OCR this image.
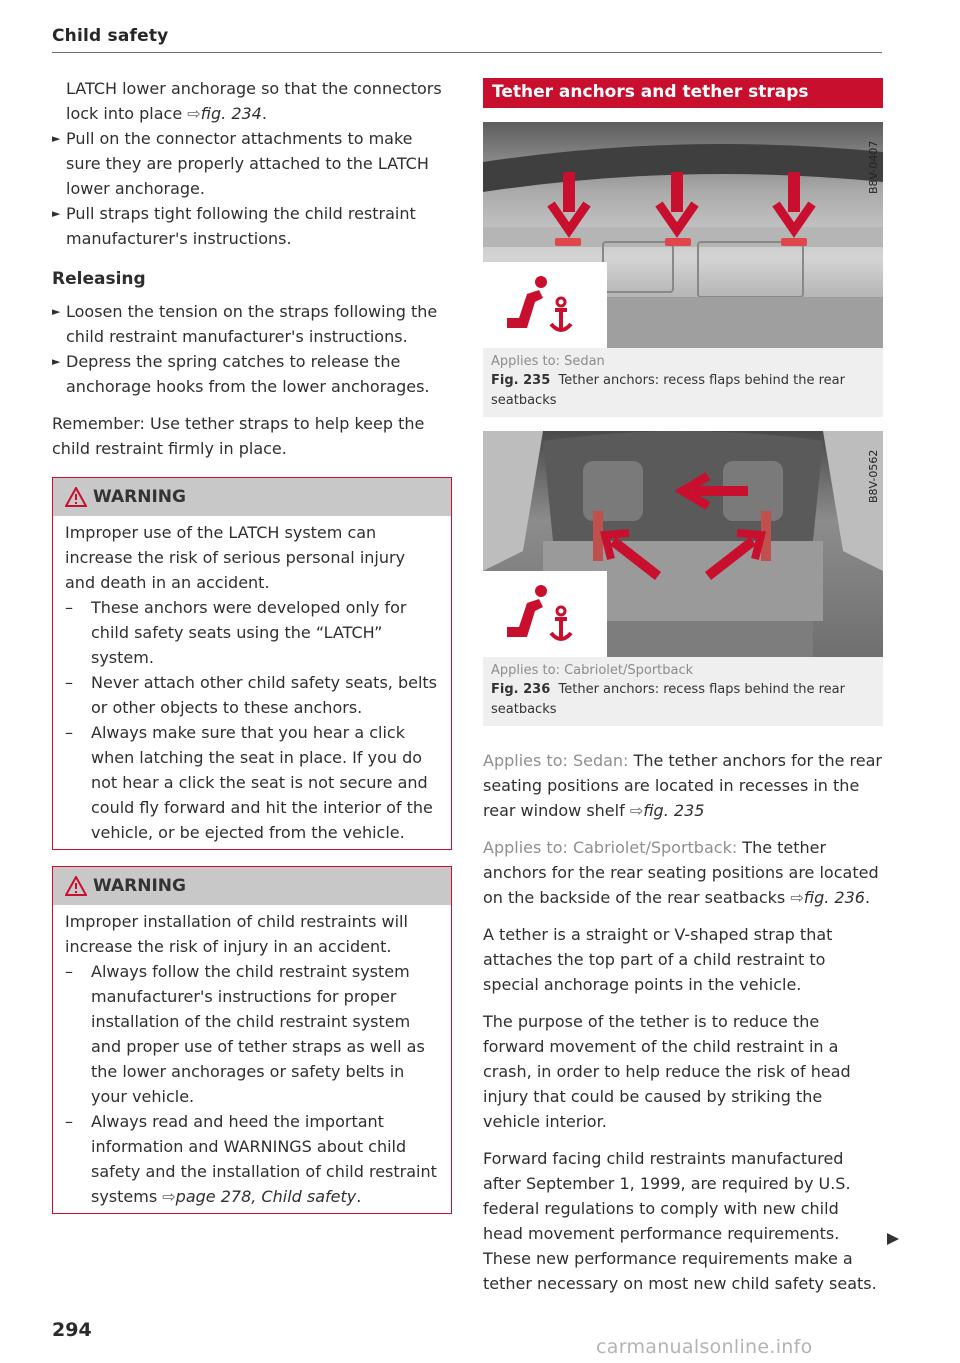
Child safety

LATCH lower anchorage so that the connectors
lock into place ⇨fig. 234.

► Pull on the connector attachments to make sure they are properly attached to the LATCH lower anchorage.
► Pull straps tight following the child restraint manufacturer's instructions.
Releasing
► Loosen the tension on the straps following the child restraint manufacturer's instructions.
► Depress the spring catches to release the anchorage hooks from the lower anchorages.

Remember: Use tether straps to help keep the child restraint firmly in place.

WARNING

Improper use of the LATCH system can increase the risk of serious personal injury and death in an accident.

– These anchors were developed only for child safety seats using the “LATCH” system.
– Never attach other child safety seats, belts or other objects to these anchors.
– Always make sure that you hear a click when latching the seat in place. If you do not hear a click the seat is not secure and could fly forward and hit the interior of the vehicle, or be ejected from the vehicle.
WARNING

Improper installation of child restraints will increase the risk of injury in an accident.

– Always follow the child restraint system manufacturer's instructions for proper installation of the child restraint system and proper use of tether straps as well as the lower anchorages or safety belts in your vehicle.
– Always read and heed the important information and WARNINGS about child safety and the installation of child restraint systems ⇨page 278, Child safety.
Tether anchors and tether straps
B8V-0407
Applies to: Sedan
Fig. 235 Tether anchors: recess flaps behind the rear seatbacks
B8V-0562
Applies to: Cabriolet/Sportback
Fig. 236 Tether anchors: recess flaps behind the rear seatbacks

Applies to: Sedan: The tether anchors for the rear seating positions are located in recesses in the rear window shelf ⇨fig. 235

Applies to: Cabriolet/Sportback: The tether anchors for the rear seating positions are located on the backside of the rear seatbacks ⇨fig. 236.

A tether is a straight or V-shaped strap that attaches the top part of a child restraint to special anchorage points in the vehicle.

The purpose of the tether is to reduce the forward movement of the child restraint in a crash, in order to help reduce the risk of head injury that could be caused by striking the vehicle interior.

Forward facing child restraints manufactured after September 1, 1999, are required by U.S. federal regulations to comply with new child head movement performance requirements. These new performance requirements make a tether necessary on most new child safety seats.

294
carmanualsonline.info
